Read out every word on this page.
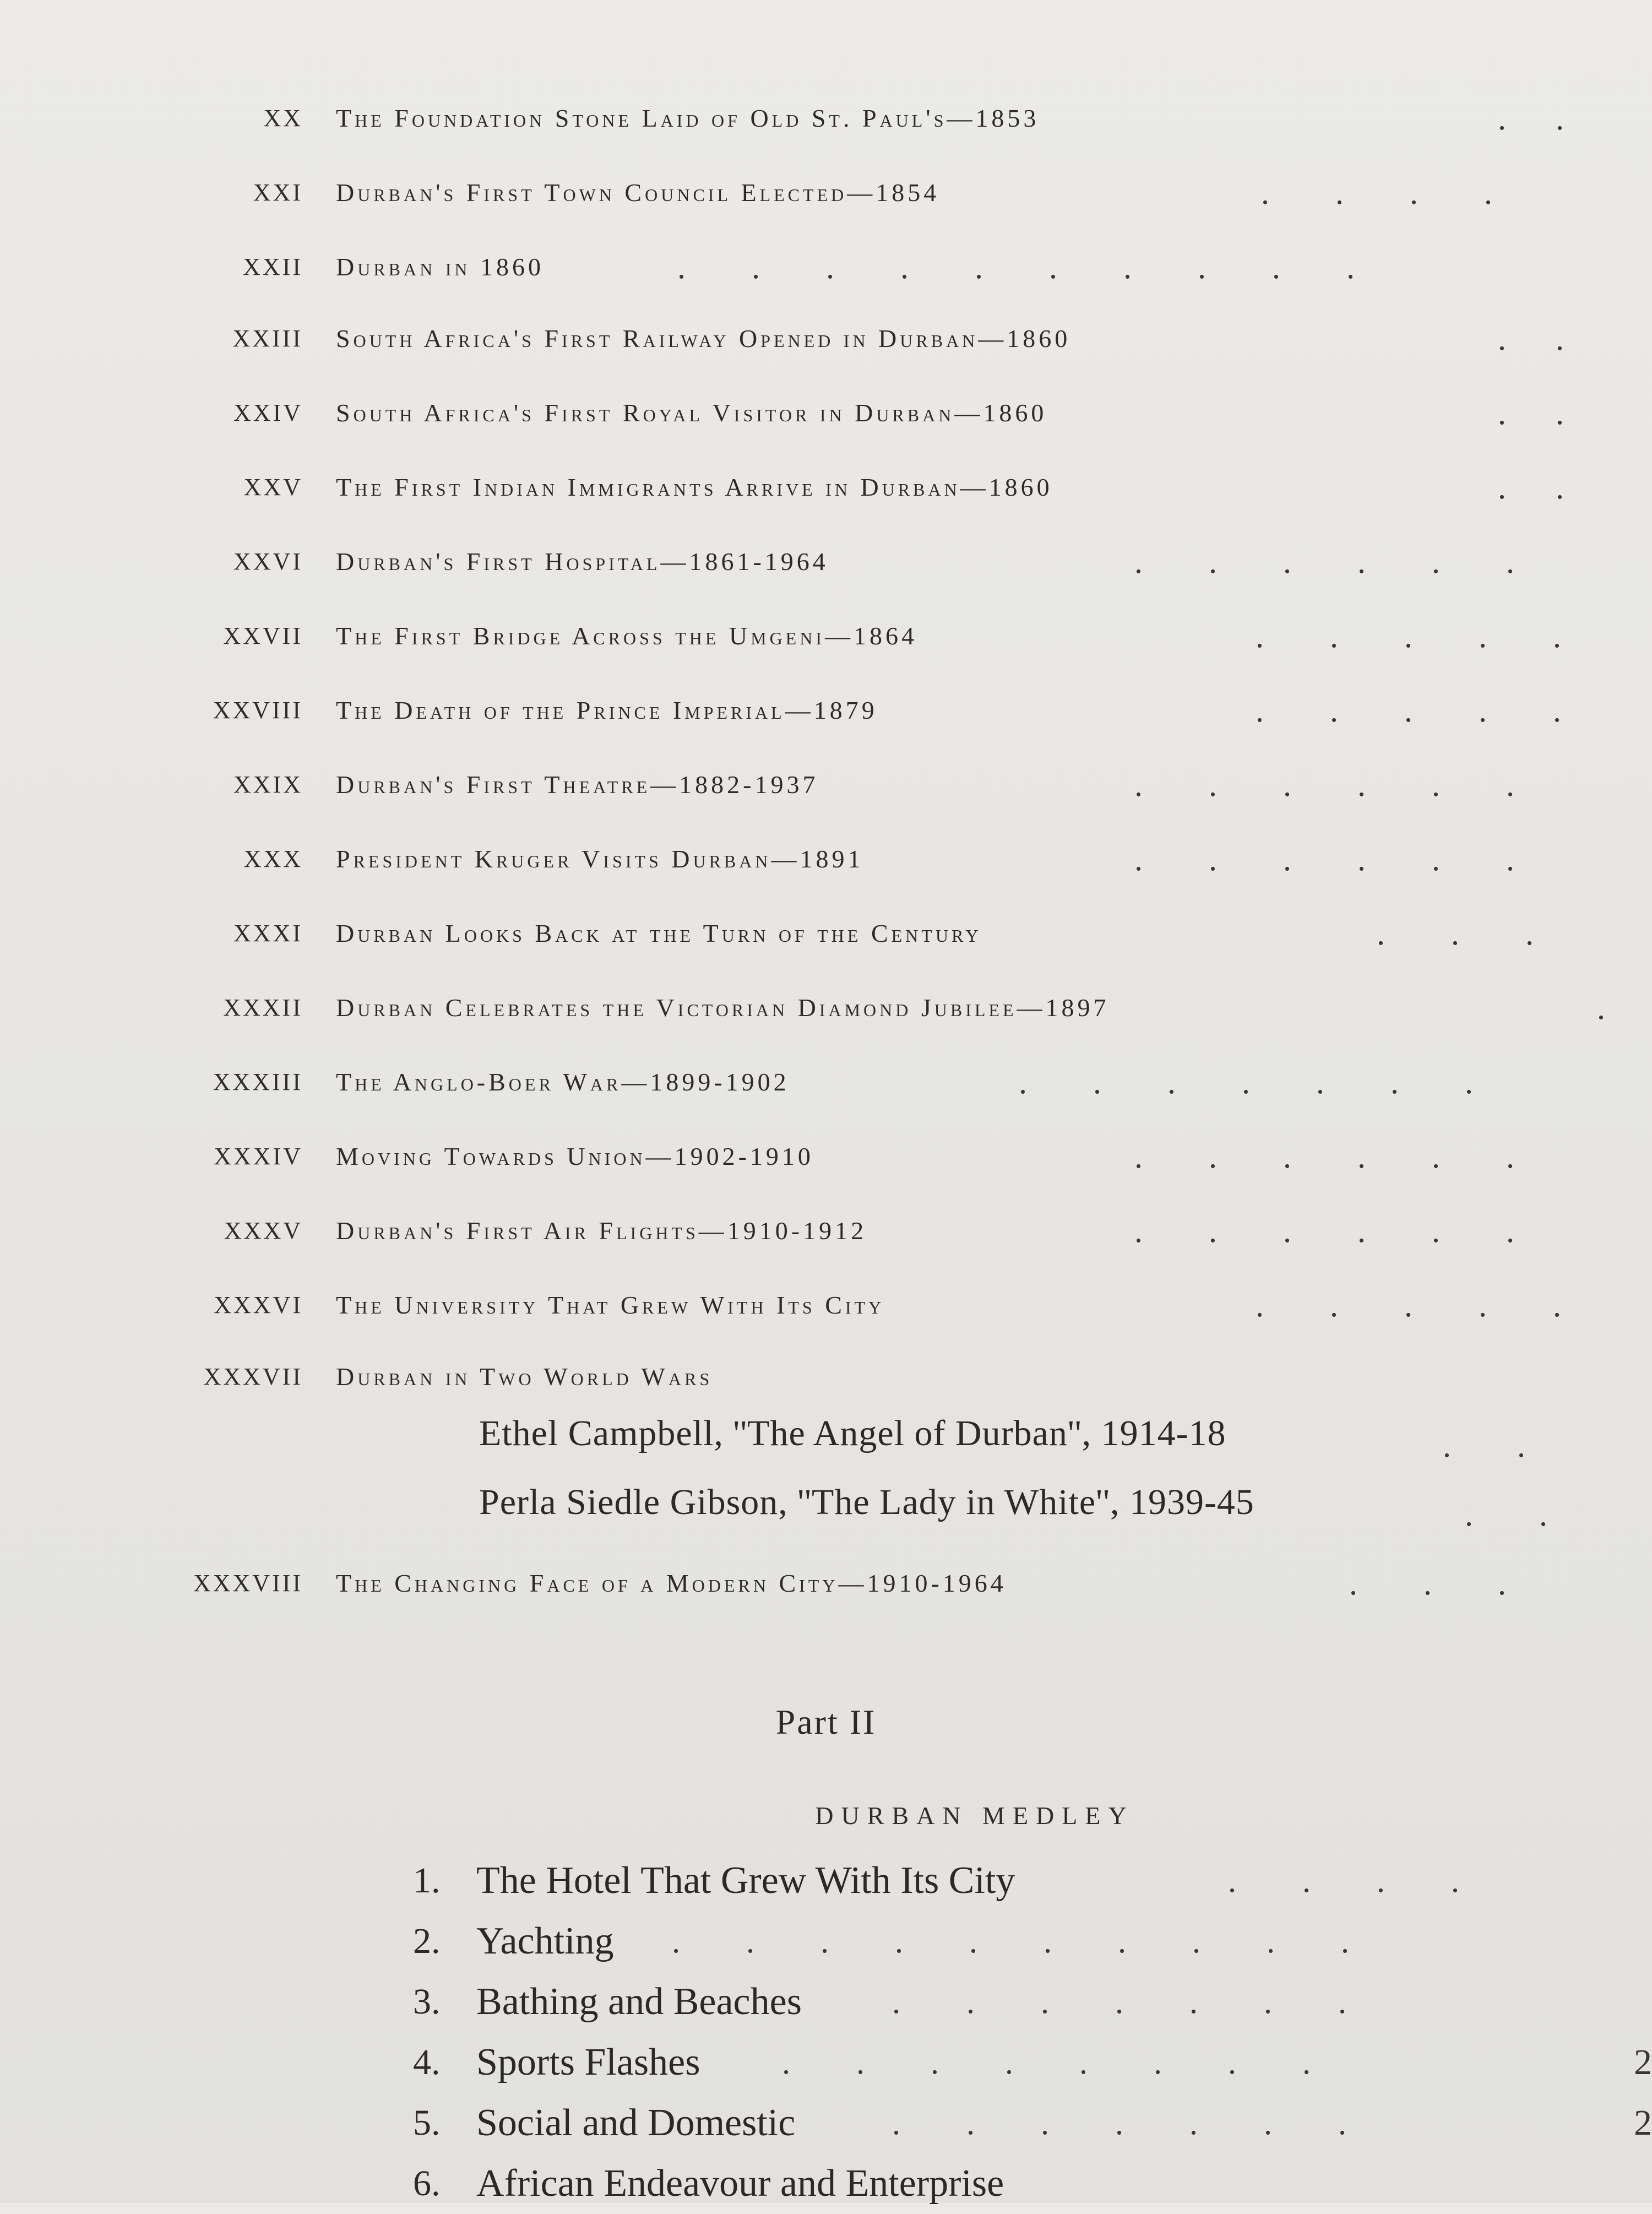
XX The Foundation Stone Laid of Old St. Paul's—1853	.      .
XXI Durban's First Town Council Elected—1854	.        .        .        .
XXII Durban in 1860	.        .        .        .        .        .        .        .        .        .
XXIII South Africa's First Railway Opened in Durban—1860	.      .
XXIV South Africa's First Royal Visitor in Durban—1860	.      .
XXV The First Indian Immigrants Arrive in Durban—1860	.      .
XXVI Durban's First Hospital—1861-1964	.        .        .        .        .        .
XXVII The First Bridge Across the Umgeni—1864	.        .        .        .        .
XXVIII The Death of the Prince Imperial—1879	.        .        .        .        .
XXIX Durban's First Theatre—1882-1937	.        .        .        .        .        .
XXX President Kruger Visits Durban—1891	.        .        .        .        .        .
XXXI Durban Looks Back at the Turn of the Century	.        .        .
XXXII Durban Celebrates the Victorian Diamond Jubilee—1897	.
XXXIII The Anglo-Boer War—1899-1902	.        .        .        .        .        .        .
XXXIV Moving Towards Union—1902-1910	.        .        .        .        .        .
XXXV Durban's First Air Flights—1910-1912	.        .        .        .        .        .
XXXVI The University That Grew With Its City	.        .        .        .        .
XXXVII Durban in Two World Wars
Ethel Campbell, ''The Angel of Durban'', 1914-18	.        .
Perla Siedle Gibson, ''The Lady in White'', 1939-45	.        .
XXXVIII The Changing Face of a Modern City—1910-1964	.        .        .
Part II
DURBAN MEDLEY
1. The Hotel That Grew With Its City	.        .        .        .
2. Yachting .        .        .        .        .        .        .        .        .        .
3. Bathing and Beaches	.        .        .        .        .        .        .
4. Sports Flashes .        .        .        .        .        .        .        .	2
5. Social and Domestic	.        .        .        .        .        .        .	2
6. African Endeavour and Enterprise
